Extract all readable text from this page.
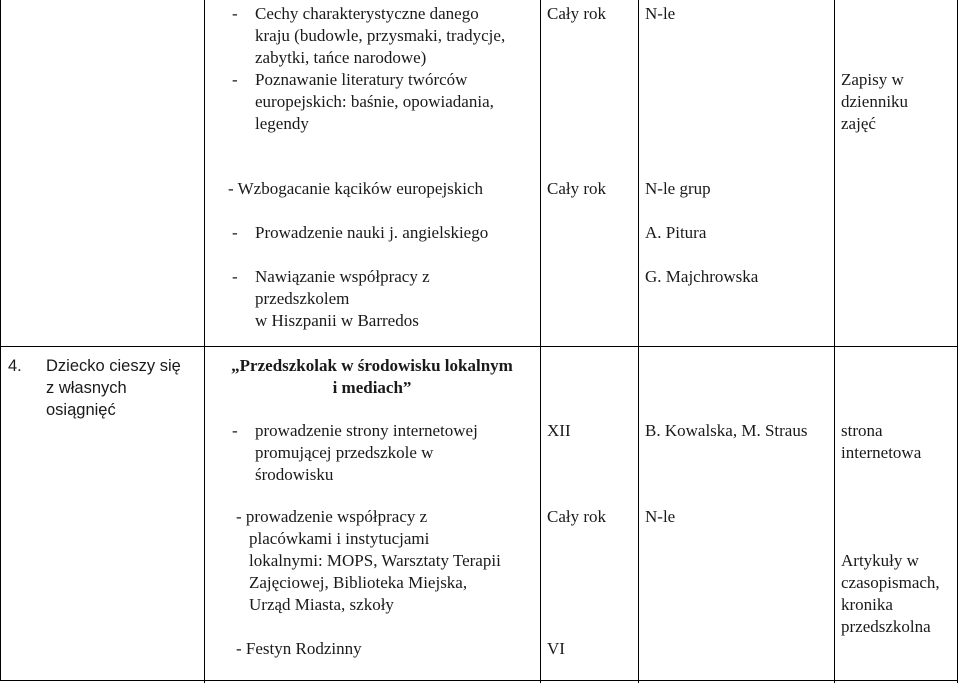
- Cechy charakterystyczne danego
kraju (budowle, przysmaki, tradycje,
zabytki, tańce narodowe)
- Poznawanie literatury twórców
europejskich: baśnie, opowiadania,
legendy
Cały rok N-le
Zapisy w
dzienniku
zajęć
- Wzbogacanie kącików europejskich
- Prowadzenie nauki j. angielskiego
- Nawiązanie współpracy z
przedszkolem
w Hiszpanii w Barredos
Cały rok N-le grup
A. Pitura
G. Majchrowska
4. Dziecko cieszy się
z własnych
osiągnięć
„Przedszkolak w środowisku lokalnym
i mediach”
- prowadzenie strony internetowej
promującej przedszkole w
środowisku
XII	B. Kowalska, M. Straus strona
internetowa
- prowadzenie współpracy z
placówkami i instytucjami
lokalnymi: MOPS, Warsztaty Terapii
Zajęciowej, Biblioteka Miejska,
Urząd Miasta, szkoły
- Festyn Rodzinny
Cały rok
VI
N-le
Artykuły w
czasopismach,
kronika
przedszkolna
